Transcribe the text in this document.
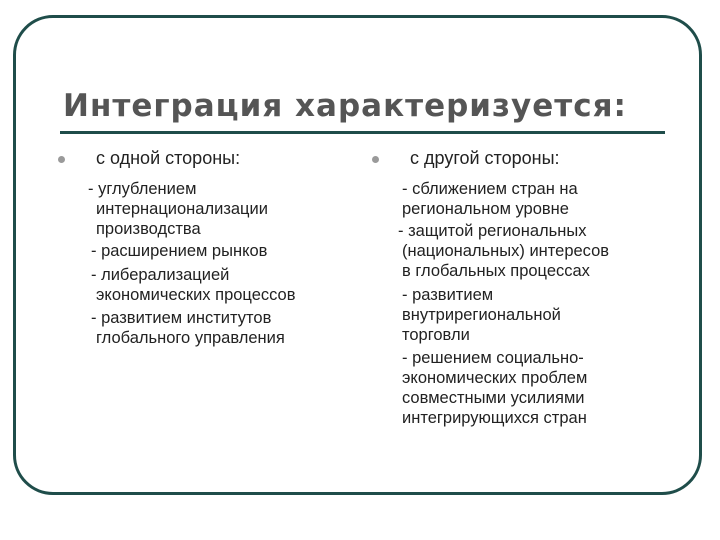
Интеграция характеризуется:
с одной стороны:
- углублением
интернационализации
производства
- расширением рынков
- либерализацией
экономических процессов
- развитием институтов
глобального управления
с другой стороны:
- сближением стран на
региональном уровне
- защитой региональных
(национальных) интересов
в глобальных процессах
- развитием
внутрирегиональной
торговли
- решением социально-
экономических проблем
совместными усилиями
интегрирующихся стран
